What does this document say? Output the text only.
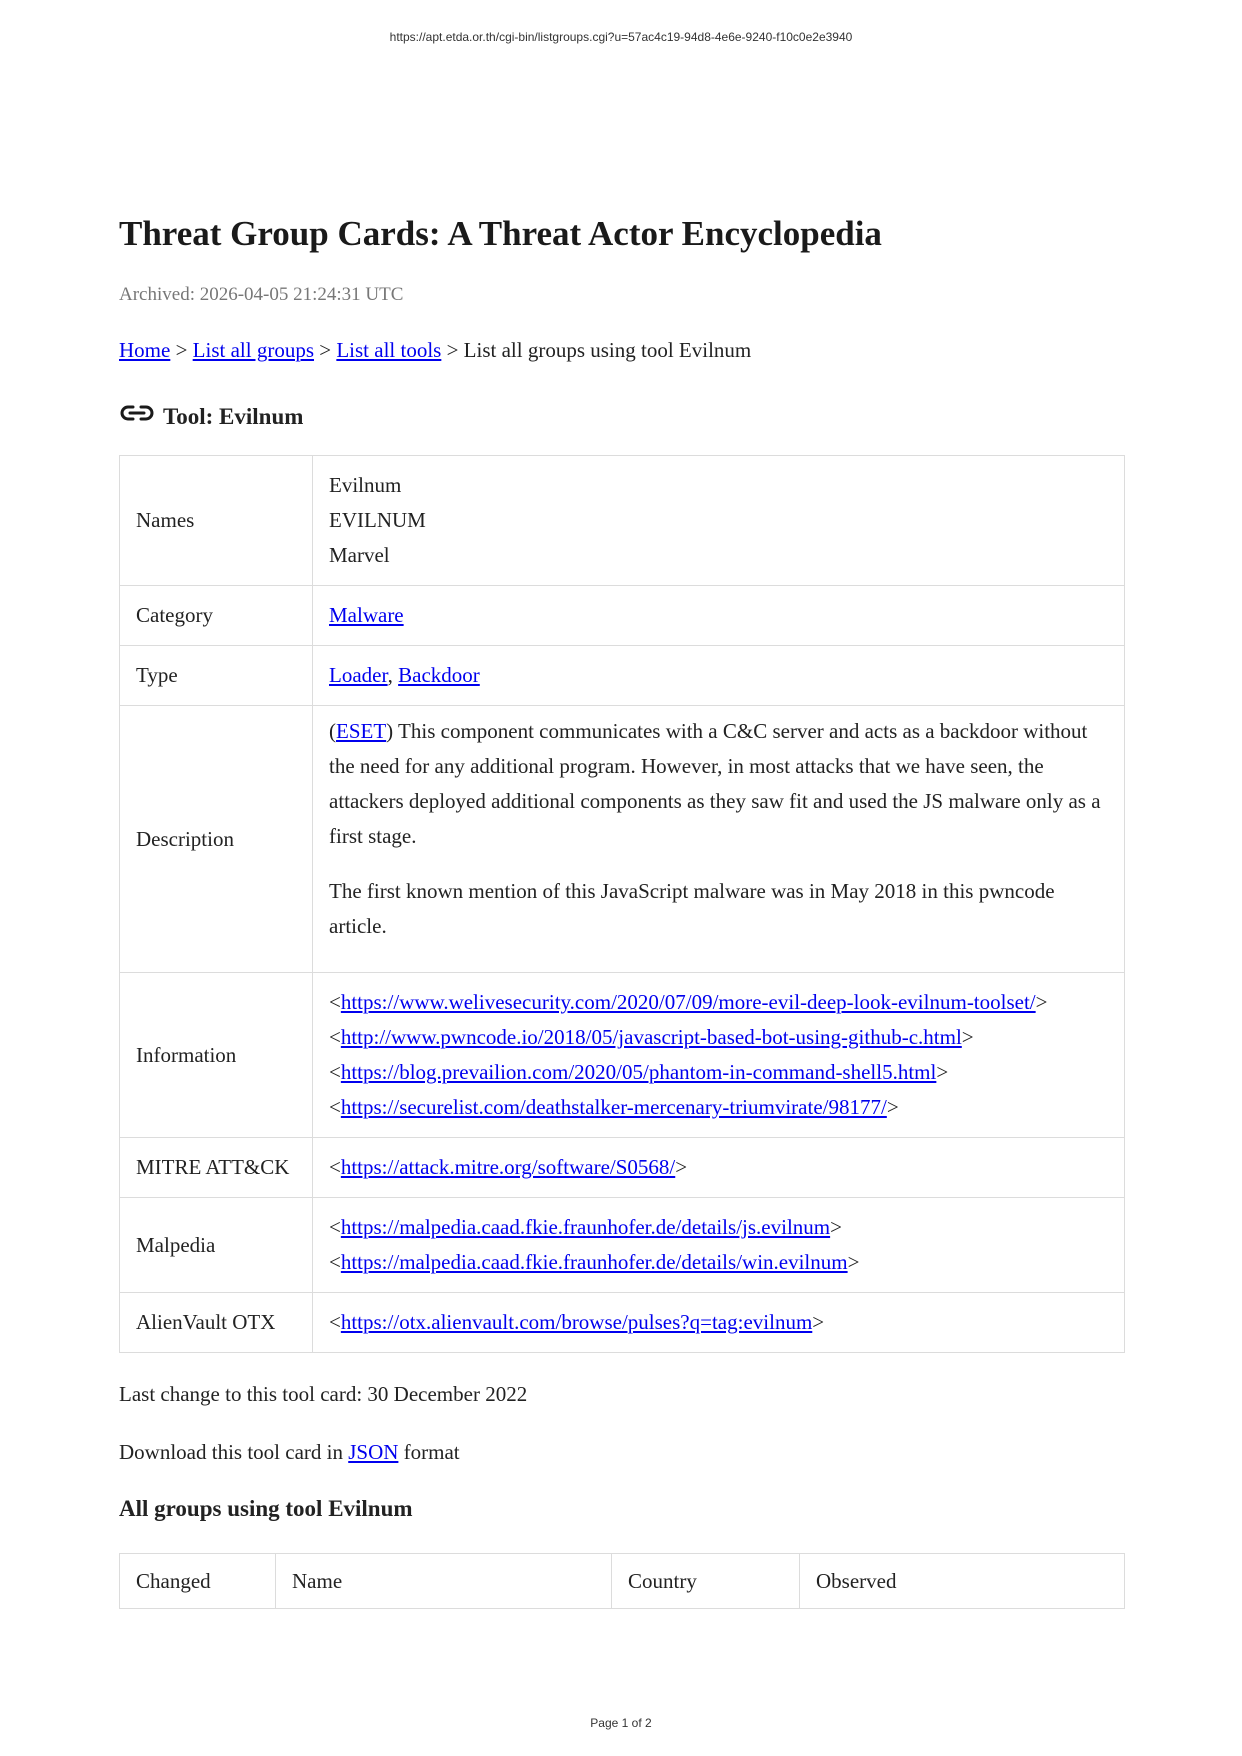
https://apt.etda.or.th/cgi-bin/listgroups.cgi?u=57ac4c19-94d8-4e6e-9240-f10c0e2e3940
Threat Group Cards: A Threat Actor Encyclopedia
Archived: 2026-04-05 21:24:31 UTC
Home > List all groups > List all tools > List all groups using tool Evilnum
Tool: Evilnum
Names	Evilnum
EVILNUM
Marvel

Category	Malware
Type	Loader, Backdoor
Description	(ESET) This component communicates with a C&C server and acts as a backdoor without the need for any additional program. However, in most attacks that we have seen, the attackers deployed additional components as they saw fit and used the JS malware only as a first stage.

The first known mention of this JavaScript malware was in May 2018 in this pwncode article.

Information	<https://www.welivesecurity.com/2020/07/09/more-evil-deep-look-evilnum-toolset/>
<http://www.pwncode.io/2018/05/javascript-based-bot-using-github-c.html>
<https://blog.prevailion.com/2020/05/phantom-in-command-shell5.html>
<https://securelist.com/deathstalker-mercenary-triumvirate/98177/>

MITRE ATT&CK	<https://attack.mitre.org/software/S0568/>

Malpedia	<https://malpedia.caad.fkie.fraunhofer.de/details/js.evilnum>
<https://malpedia.caad.fkie.fraunhofer.de/details/win.evilnum>

AlienVault OTX	<https://otx.alienvault.com/browse/pulses?q=tag:evilnum>
Last change to this tool card: 30 December 2022
Download this tool card in JSON format
All groups using tool Evilnum
Changed	Name	Country	Observed
Page 1 of 2
